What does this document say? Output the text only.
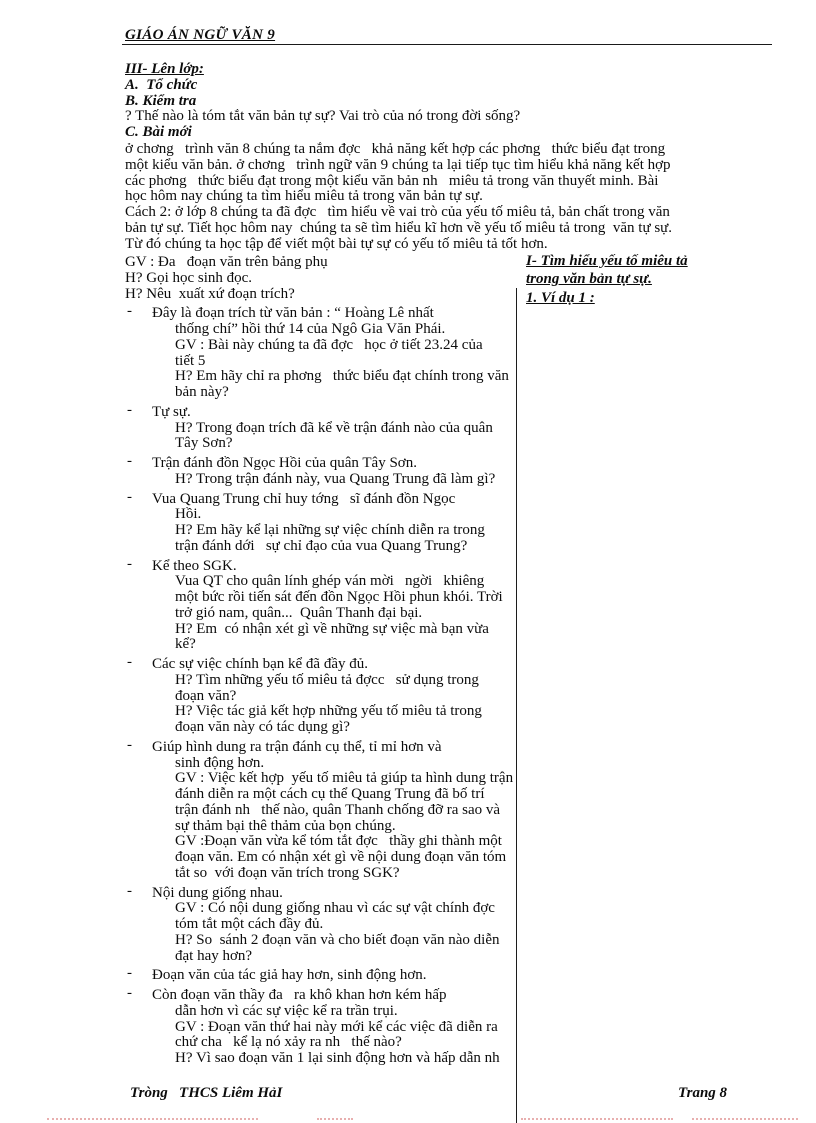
GIÁO ÁN NGỮ VĂN 9
III- Lên lớp:
A.  Tổ chức
B. Kiểm tra
? Thế nào là tóm tắt văn bản tự sự? Vai trò của nó trong đời sống?
C. Bài mới
ở chơng   trình văn 8 chúng ta nắm đợc   khả năng kết hợp các phơng   thức biểu đạt trong
một kiểu văn bản. ở chơng   trình ngữ văn 9 chúng ta lại tiếp tục tìm hiểu khả năng kết hợp
các phơng   thức biểu đạt trong một kiểu văn bản nh   miêu tả trong văn thuyết minh. Bài
học hôm nay chúng ta tìm hiểu miêu tả trong văn bản tự sự.
Cách 2: ở lớp 8 chúng ta đã đợc   tìm hiểu về vai trò của yếu tố miêu tả, bản chất trong văn
bản tự sự. Tiết học hôm nay  chúng ta sẽ tìm hiểu kĩ hơn về yếu tố miêu tả trong  văn tự sự.
Từ đó chúng ta học tập để viết một bài tự sự có yếu tố miêu tả tốt hơn.
GV : Đa   đoạn văn trên bảng phụ
H? Gọi học sinh đọc.
H? Nêu  xuất xứ đoạn trích?
Đây là đoạn trích từ văn bản : “ Hoàng Lê nhất
-
thống chí” hồi thứ 14 của Ngô Gia Văn Phái.
GV : Bài này chúng ta đã đợc   học ở tiết 23.24 của
tiết 5
H? Em hãy chỉ ra phơng   thức biểu đạt chính trong văn
bản này?
Tự sự.
-
H? Trong đoạn trích đã kể về trận đánh nào của quân
Tây Sơn?
Trận đánh đồn Ngọc Hồi của quân Tây Sơn.
-
H? Trong trận đánh này, vua Quang Trung đã làm gì?
Vua Quang Trung chỉ huy tớng   sĩ đánh đồn Ngọc
-
Hồi.
H? Em hãy kể lại những sự việc chính diễn ra trong
trận đánh dới   sự chỉ đạo của vua Quang Trung?
Kể theo SGK.
-
Vua QT cho quân lính ghép ván mời   ngời   khiêng
một bức rồi tiến sát đến đồn Ngọc Hồi phun khói. Trời
trở gió nam, quân...  Quân Thanh đại bại.
H? Em  có nhận xét gì về những sự việc mà bạn vừa
kể?
Các sự việc chính bạn kể đã đầy đủ.
-
H? Tìm những yếu tố miêu tả đợcc   sử dụng trong
đoạn văn?
H? Việc tác giả kết hợp những yếu tố miêu tả trong
đoạn văn này có tác dụng gì?
Giúp hình dung ra trận đánh cụ thể, tỉ mỉ hơn và
-
sinh động hơn.
GV : Việc kết hợp  yếu tố miêu tả giúp ta hình dung trận
đánh diễn ra một cách cụ thể Quang Trung đã bố trí
trận đánh nh   thế nào, quân Thanh chống đỡ ra sao và
sự thảm bại thê thảm của bọn chúng.
GV :Đoạn văn vừa kể tóm tắt đợc   thầy ghi thành một
đoạn văn. Em có nhận xét gì về nội dung đoạn văn tóm
tắt so  với đoạn văn trích trong SGK?
Nội dung giống nhau.
-
GV : Có nội dung giống nhau vì các sự vật chính đợc
tóm tắt một cách đầy đủ.
H? So  sánh 2 đoạn văn và cho biết đoạn văn nào diễn
đạt hay hơn?
Đoạn văn của tác giả hay hơn, sinh động hơn.
-
Còn đoạn văn thầy đa   ra khô khan hơn kém hấp
-
dẫn hơn vì các sự việc kể ra trần trụi.
GV : Đoạn văn thứ hai này mới kể các việc đã diễn ra
chứ cha   kể lạ nó xảy ra nh   thế nào?
H? Vì sao đoạn văn 1 lại sinh động hơn và hấp dẫn nh
I- Tìm hiểu yếu tố miêu tả
trong văn bản tự sự.
1. Ví dụ 1 :
Tròng   THCS Liêm HảI	Trang 8
